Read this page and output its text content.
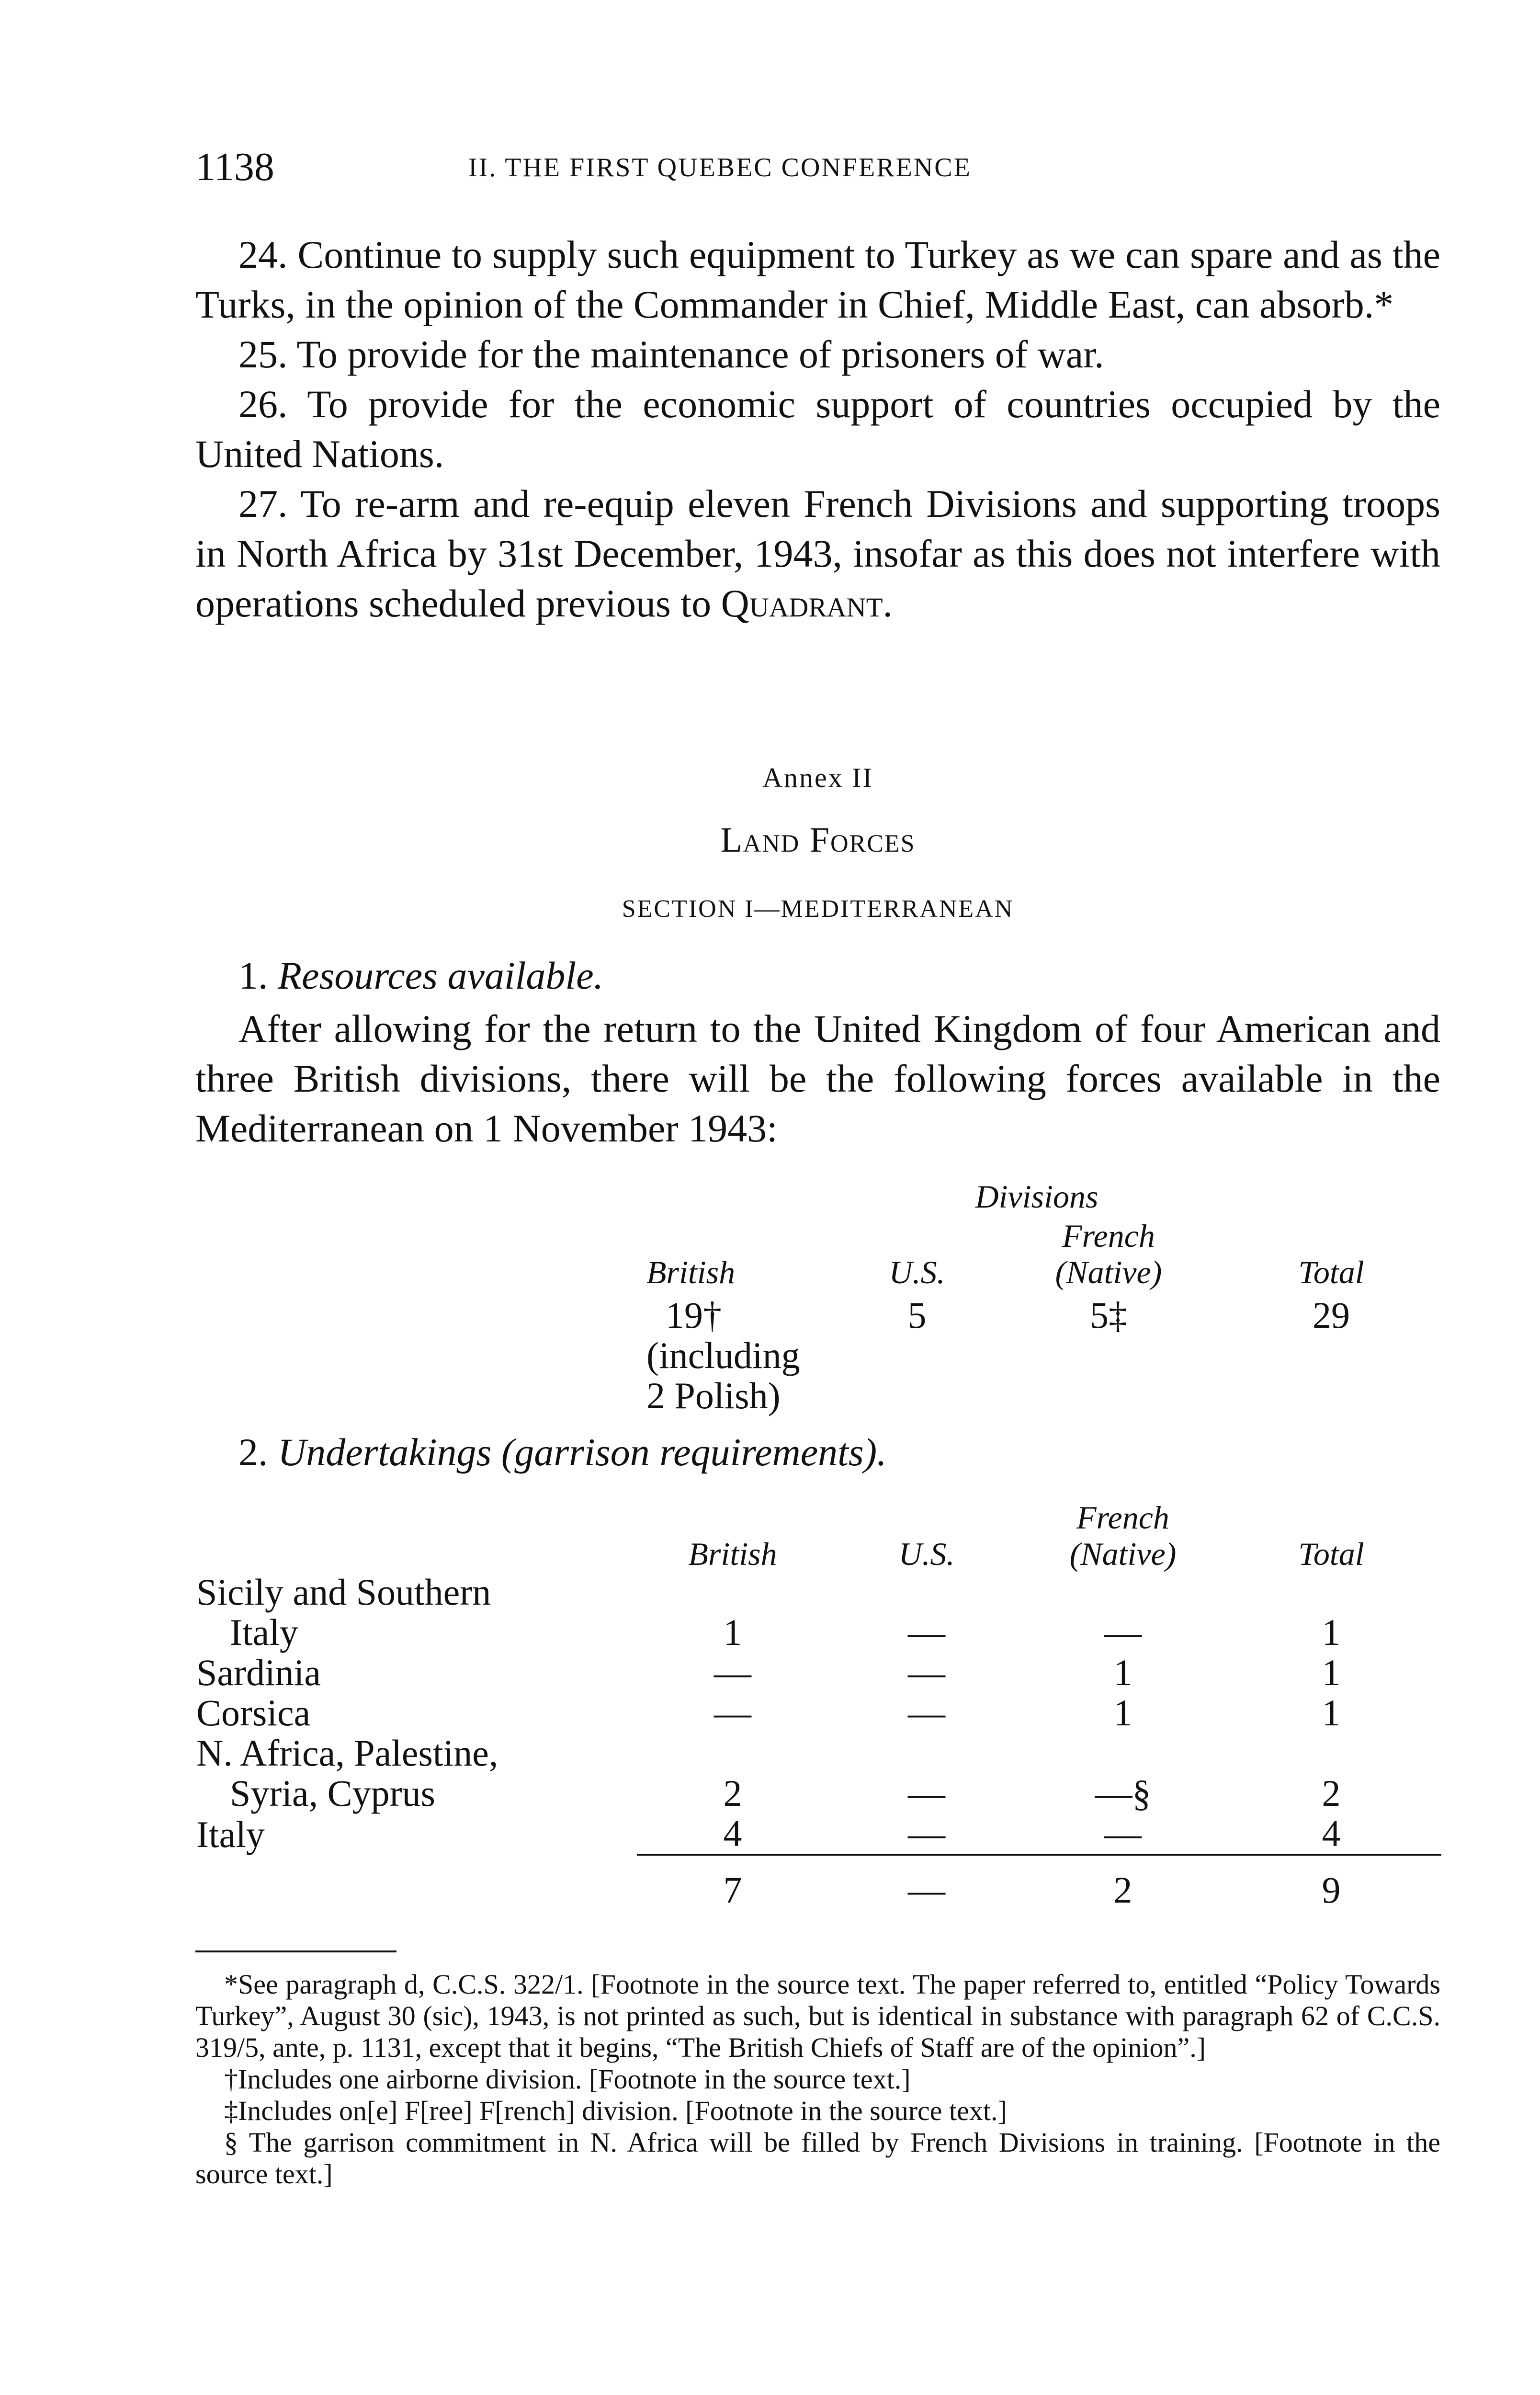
1138	II. THE FIRST QUEBEC CONFERENCE

24. Continue to supply such equipment to Turkey as we can spare and as the Turks, in the opinion of the Commander in Chief, Middle East, can absorb.*

25. To provide for the maintenance of prisoners of war.

26. To provide for the economic support of countries occupied by the United Nations.

27. To re-arm and re-equip eleven French Divisions and supporting troops in North Africa by 31st December, 1943, insofar as this does not interfere with operations scheduled previous to Quadrant.

Annex II
Land Forces
SECTION I—MEDITERRANEAN
1. Resources available.

After allowing for the return to the United Kingdom of four American and three British divisions, there will be the following forces available in the Mediterranean on 1 November 1943:

Divisions			
British	U.S.	French
(Native)	Total
19†	5	5‡	29
(including
2 Polish)			
2. Undertakings (garrison requirements).
	British	U.S.	French
(Native)	Total
Sicily and Southern
Italy	1	—	—	1
Sardinia	—	—	1	1
Corsica	—	—	1	1
N. Africa, Palestine,
Syria, Cyprus	2	—	—§	2
Italy	4	—	—	4
	7	—	2	9

*See paragraph d, C.C.S. 322/1. [Footnote in the source text. The paper referred to, entitled “Policy Towards Turkey”, August 30 (sic), 1943, is not printed as such, but is identical in substance with paragraph 62 of C.C.S. 319/5, ante, p. 1131, except that it begins, “The British Chiefs of Staff are of the opinion”.]

†Includes one airborne division. [Footnote in the source text.]

‡Includes on[e] F[ree] F[rench] division. [Footnote in the source text.]

§ The garrison commitment in N. Africa will be filled by French Divisions in training. [Footnote in the source text.]
